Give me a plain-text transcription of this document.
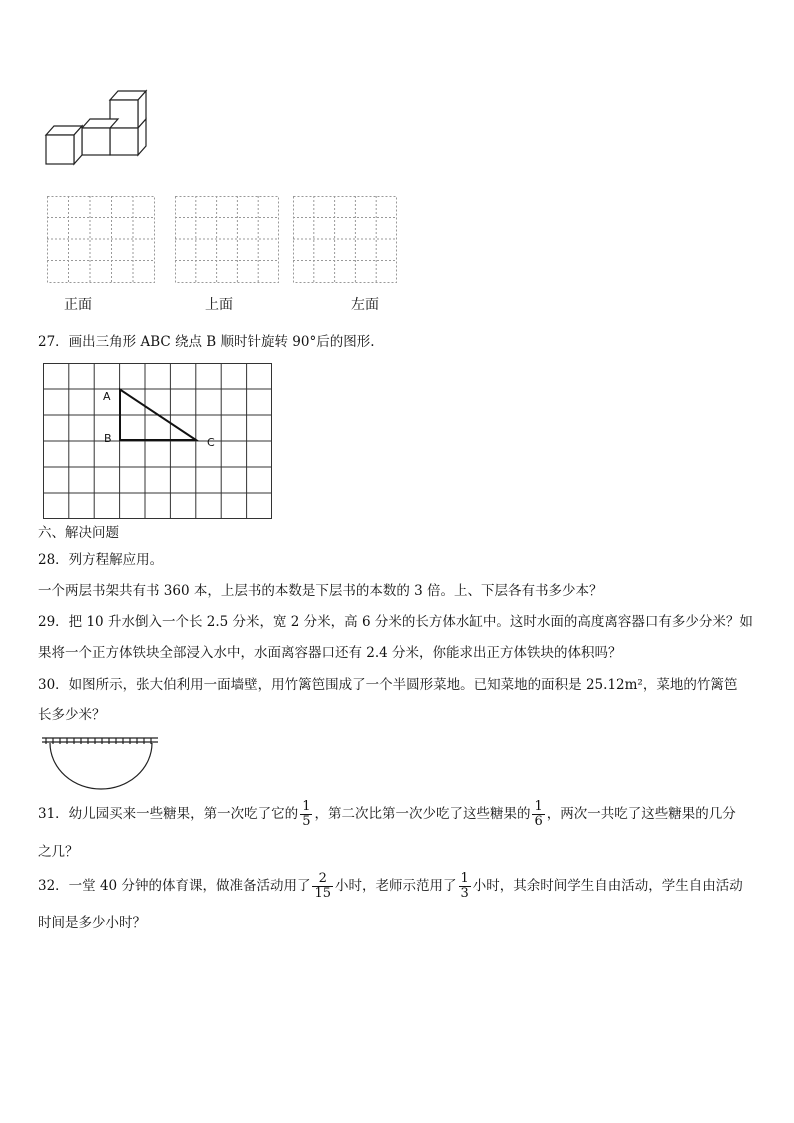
正面	上面	左面
27．画出三角形 ABC 绕点 B 顺时针旋转 90°后的图形.
A
B	C
六、解决问题
28．列方程解应用。
一个两层书架共有书 360 本，上层书的本数是下层书的本数的 3 倍。上、下层各有书多少本？
29．把 10 升水倒入一个长 2.5 分米，宽 2 分米，高 6 分米的长方体水缸中。这时水面的高度离容器口有多少分米？如
果将一个正方体铁块全部浸入水中，水面离容器口还有 2.4 分米，你能求出正方体铁块的体积吗？
30．如图所示，张大伯利用一面墙壁，用竹篱笆围成了一个半圆形菜地。已知菜地的面积是 25.12m²，菜地的竹篱笆
长多少米？
31．幼儿园买来一些糖果，第一次吃了它的 $\frac{1}{5}$ ，第二次比第一次少吃了这些糖果的 $\frac{1}{6}$ ，两次一共吃了这些糖果的几分
之几？
32．一堂 40 分钟的体育课，做准备活动用了 $\frac{2}{15}$ 小时，老师示范用了 $\frac{1}{3}$ 小时，其余时间学生自由活动，学生自由活动
时间是多少小时？
